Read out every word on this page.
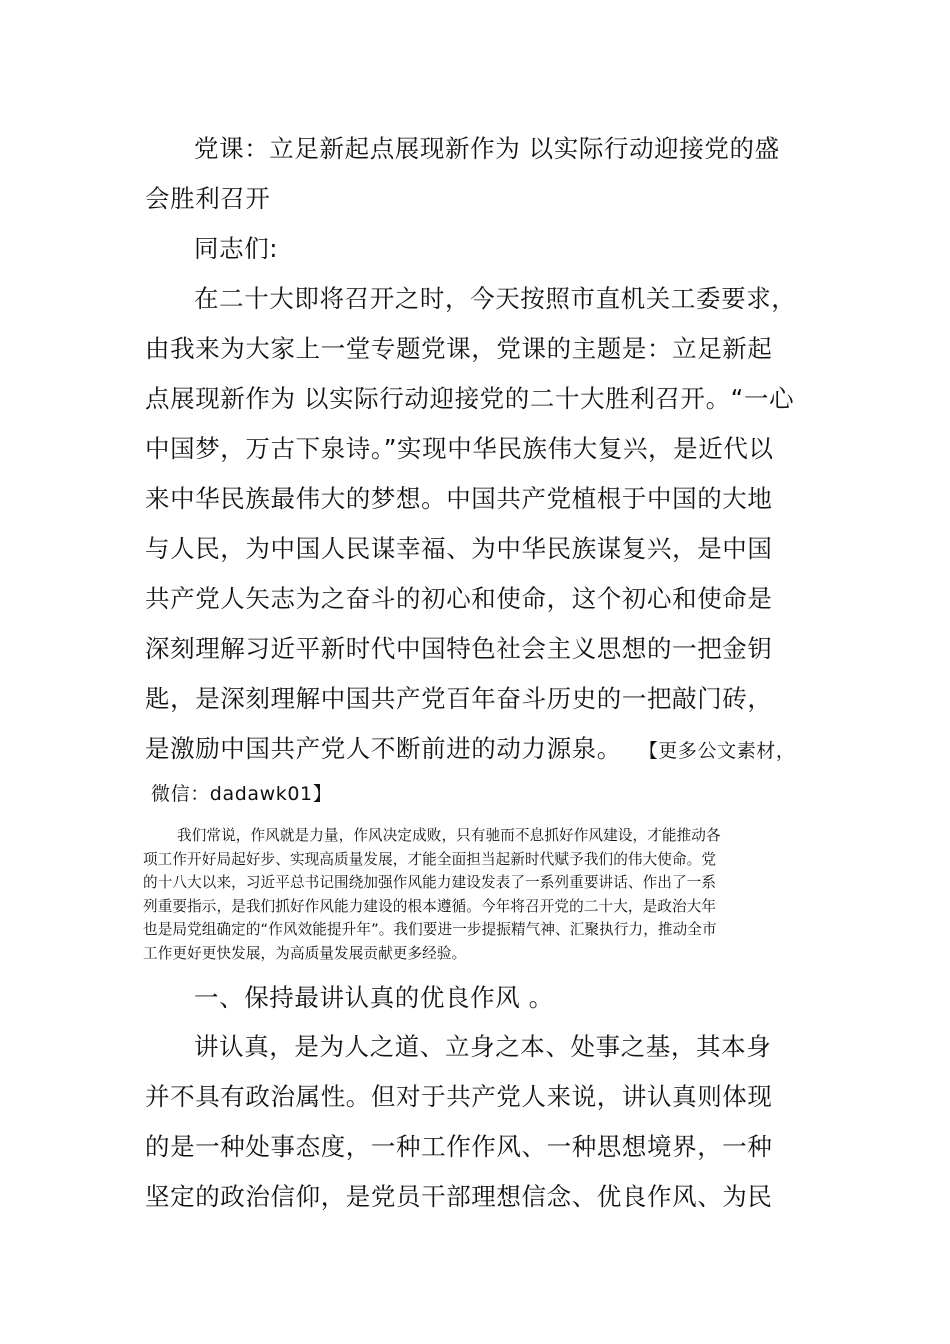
党课：立足新起点展现新作为 以实际行动迎接党的盛
会胜利召开
同志们:
在二十大即将召开之时，今天按照市直机关工委要求，
由我来为大家上一堂专题党课，党课的主题是：立足新起
点展现新作为 以实际行动迎接党的二十大胜利召开。“一心
中国梦，万古下泉诗。”实现中华民族伟大复兴，是近代以
来中华民族最伟大的梦想。中国共产党植根于中国的大地
与人民，为中国人民谋幸福、为中华民族谋复兴，是中国
共产党人矢志为之奋斗的初心和使命，这个初心和使命是
深刻理解习近平新时代中国特色社会主义思想的一把金钥
匙，是深刻理解中国共产党百年奋斗历史的一把敲门砖，
是激励中国共产党人不断前进的动力源泉。 【更多公文素材，
微信：dadawk01】
我们常说，作风就是力量，作风决定成败，只有驰而不息抓好作风建设，才能推动各
项工作开好局起好步、实现高质量发展，才能全面担当起新时代赋予我们的伟大使命。党
的十八大以来，习近平总书记围绕加强作风能力建设发表了一系列重要讲话、作出了一系
列重要指示，是我们抓好作风能力建设的根本遵循。今年将召开党的二十大，是政治大年
也是局党组确定的“作风效能提升年”。我们要进一步提振精气神、汇聚执行力，推动全市
工作更好更快发展，为高质量发展贡献更多经验。
一、保持最讲认真的优良作风 。
讲认真，是为人之道、立身之本、处事之基，其本身
并不具有政治属性。但对于共产党人来说，讲认真则体现
的是一种处事态度，一种工作作风、一种思想境界，一种
坚定的政治信仰，是党员干部理想信念、优良作风、为民
